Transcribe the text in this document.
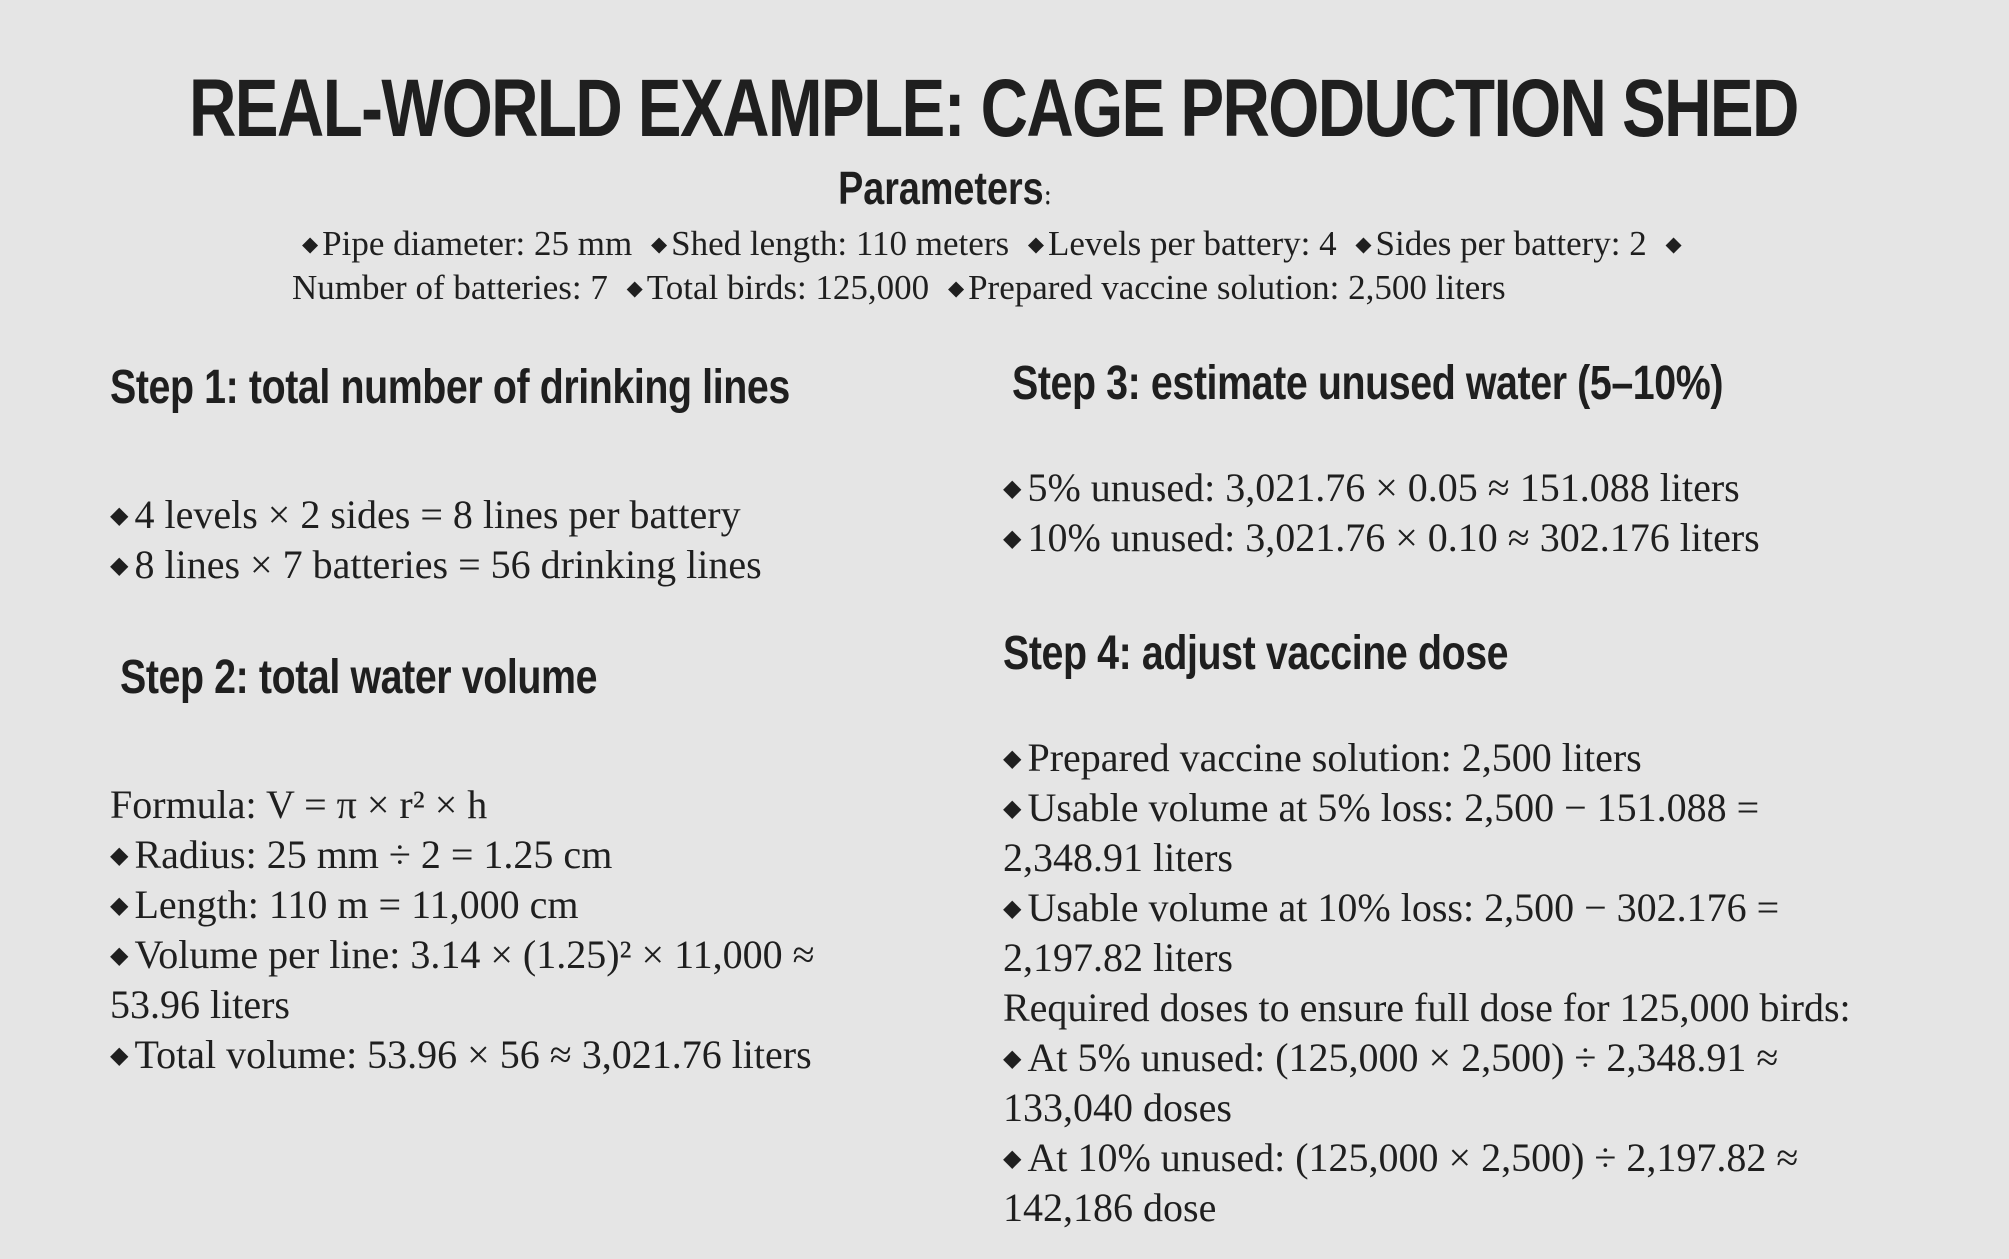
REAL-WORLD EXAMPLE: CAGE PRODUCTION SHED
Parameters:
◆ Pipe diameter: 25 mm ◆ Shed length: 110 meters ◆ Levels per battery: 4 ◆ Sides per battery: 2 ◆
Number of batteries: 7 ◆ Total birds: 125,000 ◆ Prepared vaccine solution: 2,500 liters
Step 1: total number of drinking lines
◆ 4 levels × 2 sides = 8 lines per battery
◆ 8 lines × 7 batteries = 56 drinking lines
Step 2: total water volume
Formula: V = π × r² × h
◆ Radius: 25 mm ÷ 2 = 1.25 cm
◆ Length: 110 m = 11,000 cm
◆ Volume per line: 3.14 × (1.25)² × 11,000 ≈
53.96 liters
◆ Total volume: 53.96 × 56 ≈ 3,021.76 liters
Step 3: estimate unused water (5–10%)
◆ 5% unused: 3,021.76 × 0.05 ≈ 151.088 liters
◆ 10% unused: 3,021.76 × 0.10 ≈ 302.176 liters
Step 4: adjust vaccine dose
◆ Prepared vaccine solution: 2,500 liters
◆ Usable volume at 5% loss: 2,500 − 151.088 =
2,348.91 liters
◆ Usable volume at 10% loss: 2,500 − 302.176 =
2,197.82 liters
Required doses to ensure full dose for 125,000 birds:
◆ At 5% unused: (125,000 × 2,500) ÷ 2,348.91 ≈
133,040 doses
◆ At 10% unused: (125,000 × 2,500) ÷ 2,197.82 ≈
142,186 dose
